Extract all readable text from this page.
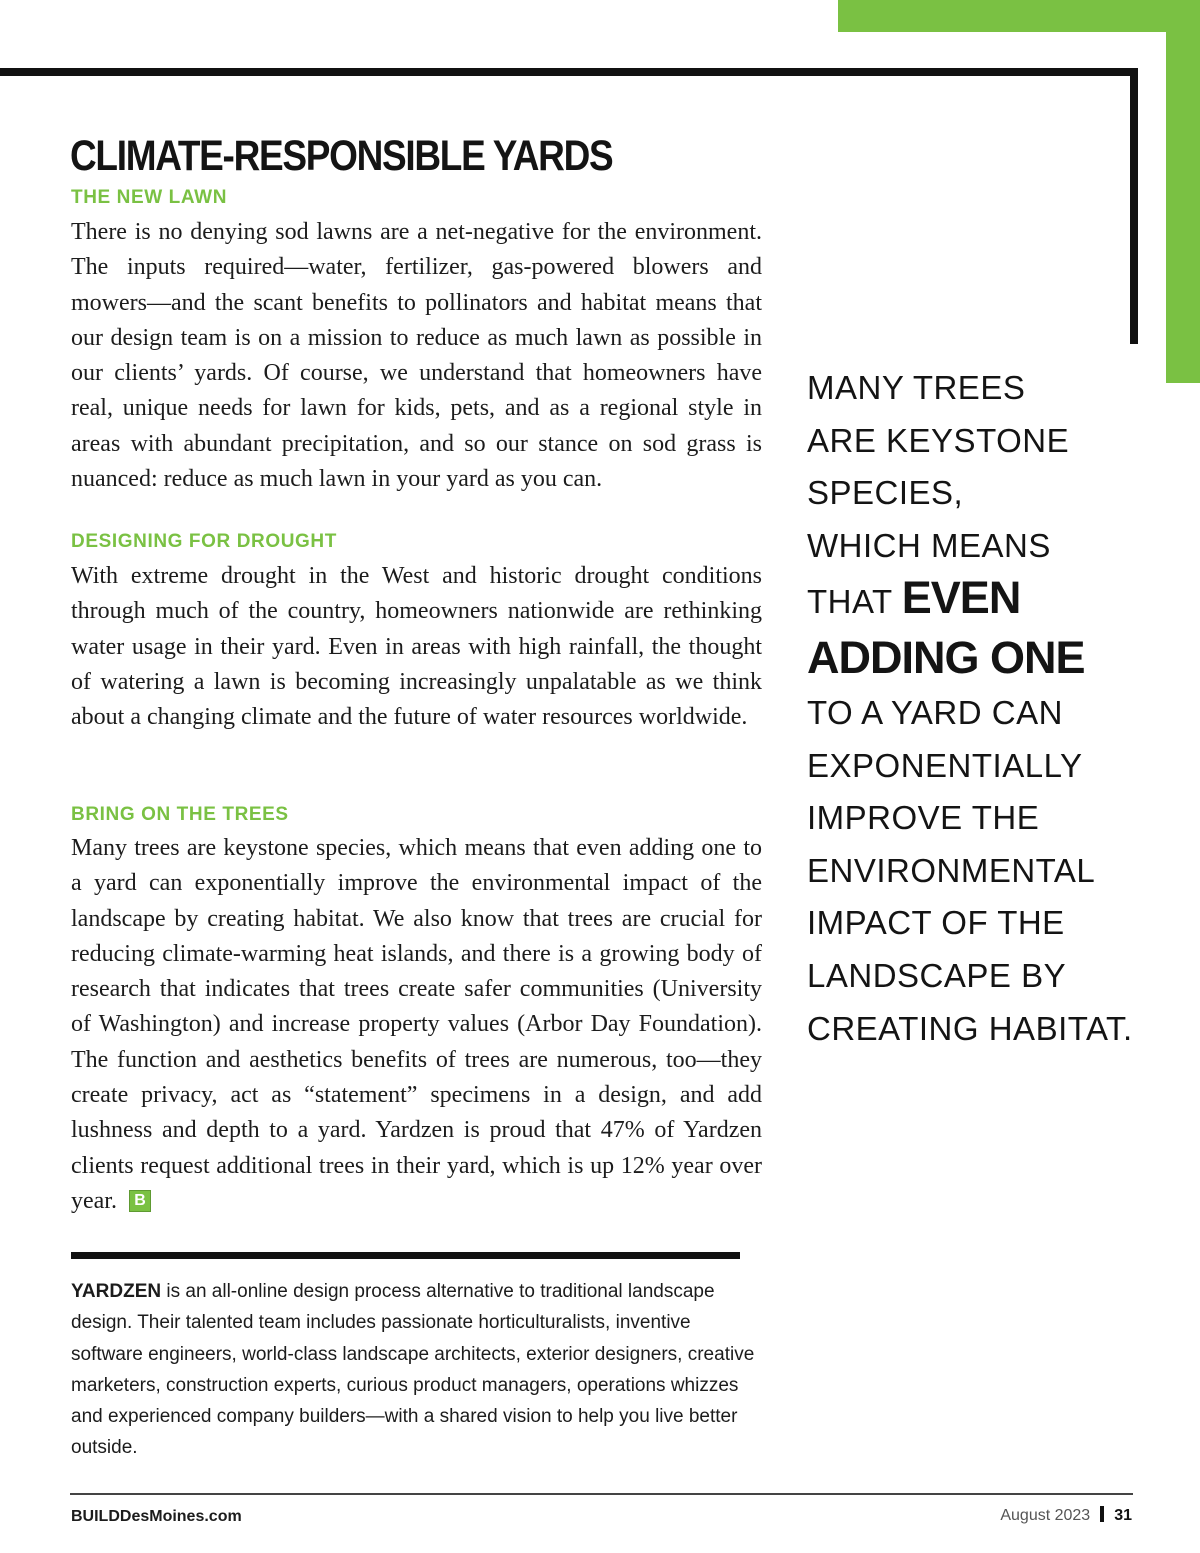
CLIMATE-RESPONSIBLE YARDS
THE NEW LAWN

There is no denying sod lawns are a net-negative for the environment. The inputs required—water, fertilizer, gas-powered blowers and mowers—and the scant benefits to pollinators and habitat means that our design team is on a mission to reduce as much lawn as possible in our clients’ yards. Of course, we understand that homeowners have real, unique needs for lawn for kids, pets, and as a regional style in areas with abundant precipitation, and so our stance on sod grass is nuanced: reduce as much lawn in your yard as you can.

DESIGNING FOR DROUGHT

With extreme drought in the West and historic drought conditions through much of the country, homeowners nationwide are rethinking water usage in their yard. Even in areas with high rainfall, the thought of watering a lawn is becoming increasingly unpalatable as we think about a changing climate and the future of water resources worldwide.

BRING ON THE TREES

Many trees are keystone species, which means that even adding one to a yard can exponentially improve the environmental impact of the landscape by creating habitat. We also know that trees are crucial for reducing climate-warming heat islands, and there is a growing body of research that indicates that trees create safer communities (University of Washington) and increase property values (Arbor Day Foundation). The function and aesthetics benefits of trees are numerous, too—they create privacy, act as “statement” specimens in a design, and add lushness and depth to a yard. Yardzen is proud that 47% of Yardzen clients request additional trees in their yard, which is up 12% year over year. B

MANY TREES
ARE KEYSTONE
SPECIES,
WHICH MEANS
THAT EVEN
ADDING ONE
TO A YARD CAN
EXPONENTIALLY
IMPROVE THE
ENVIRONMENTAL
IMPACT OF THE
LANDSCAPE BY
CREATING HABITAT.

YARDZEN is an all-online design process alternative to traditional landscape design. Their talented team includes passionate horticulturalists, inventive software engineers, world-class landscape architects, exterior designers, creative marketers, construction experts, curious product managers, operations whizzes and experienced company builders—with a shared vision to help you live better outside.

BUILDDesMoines.com	August 2023 31
